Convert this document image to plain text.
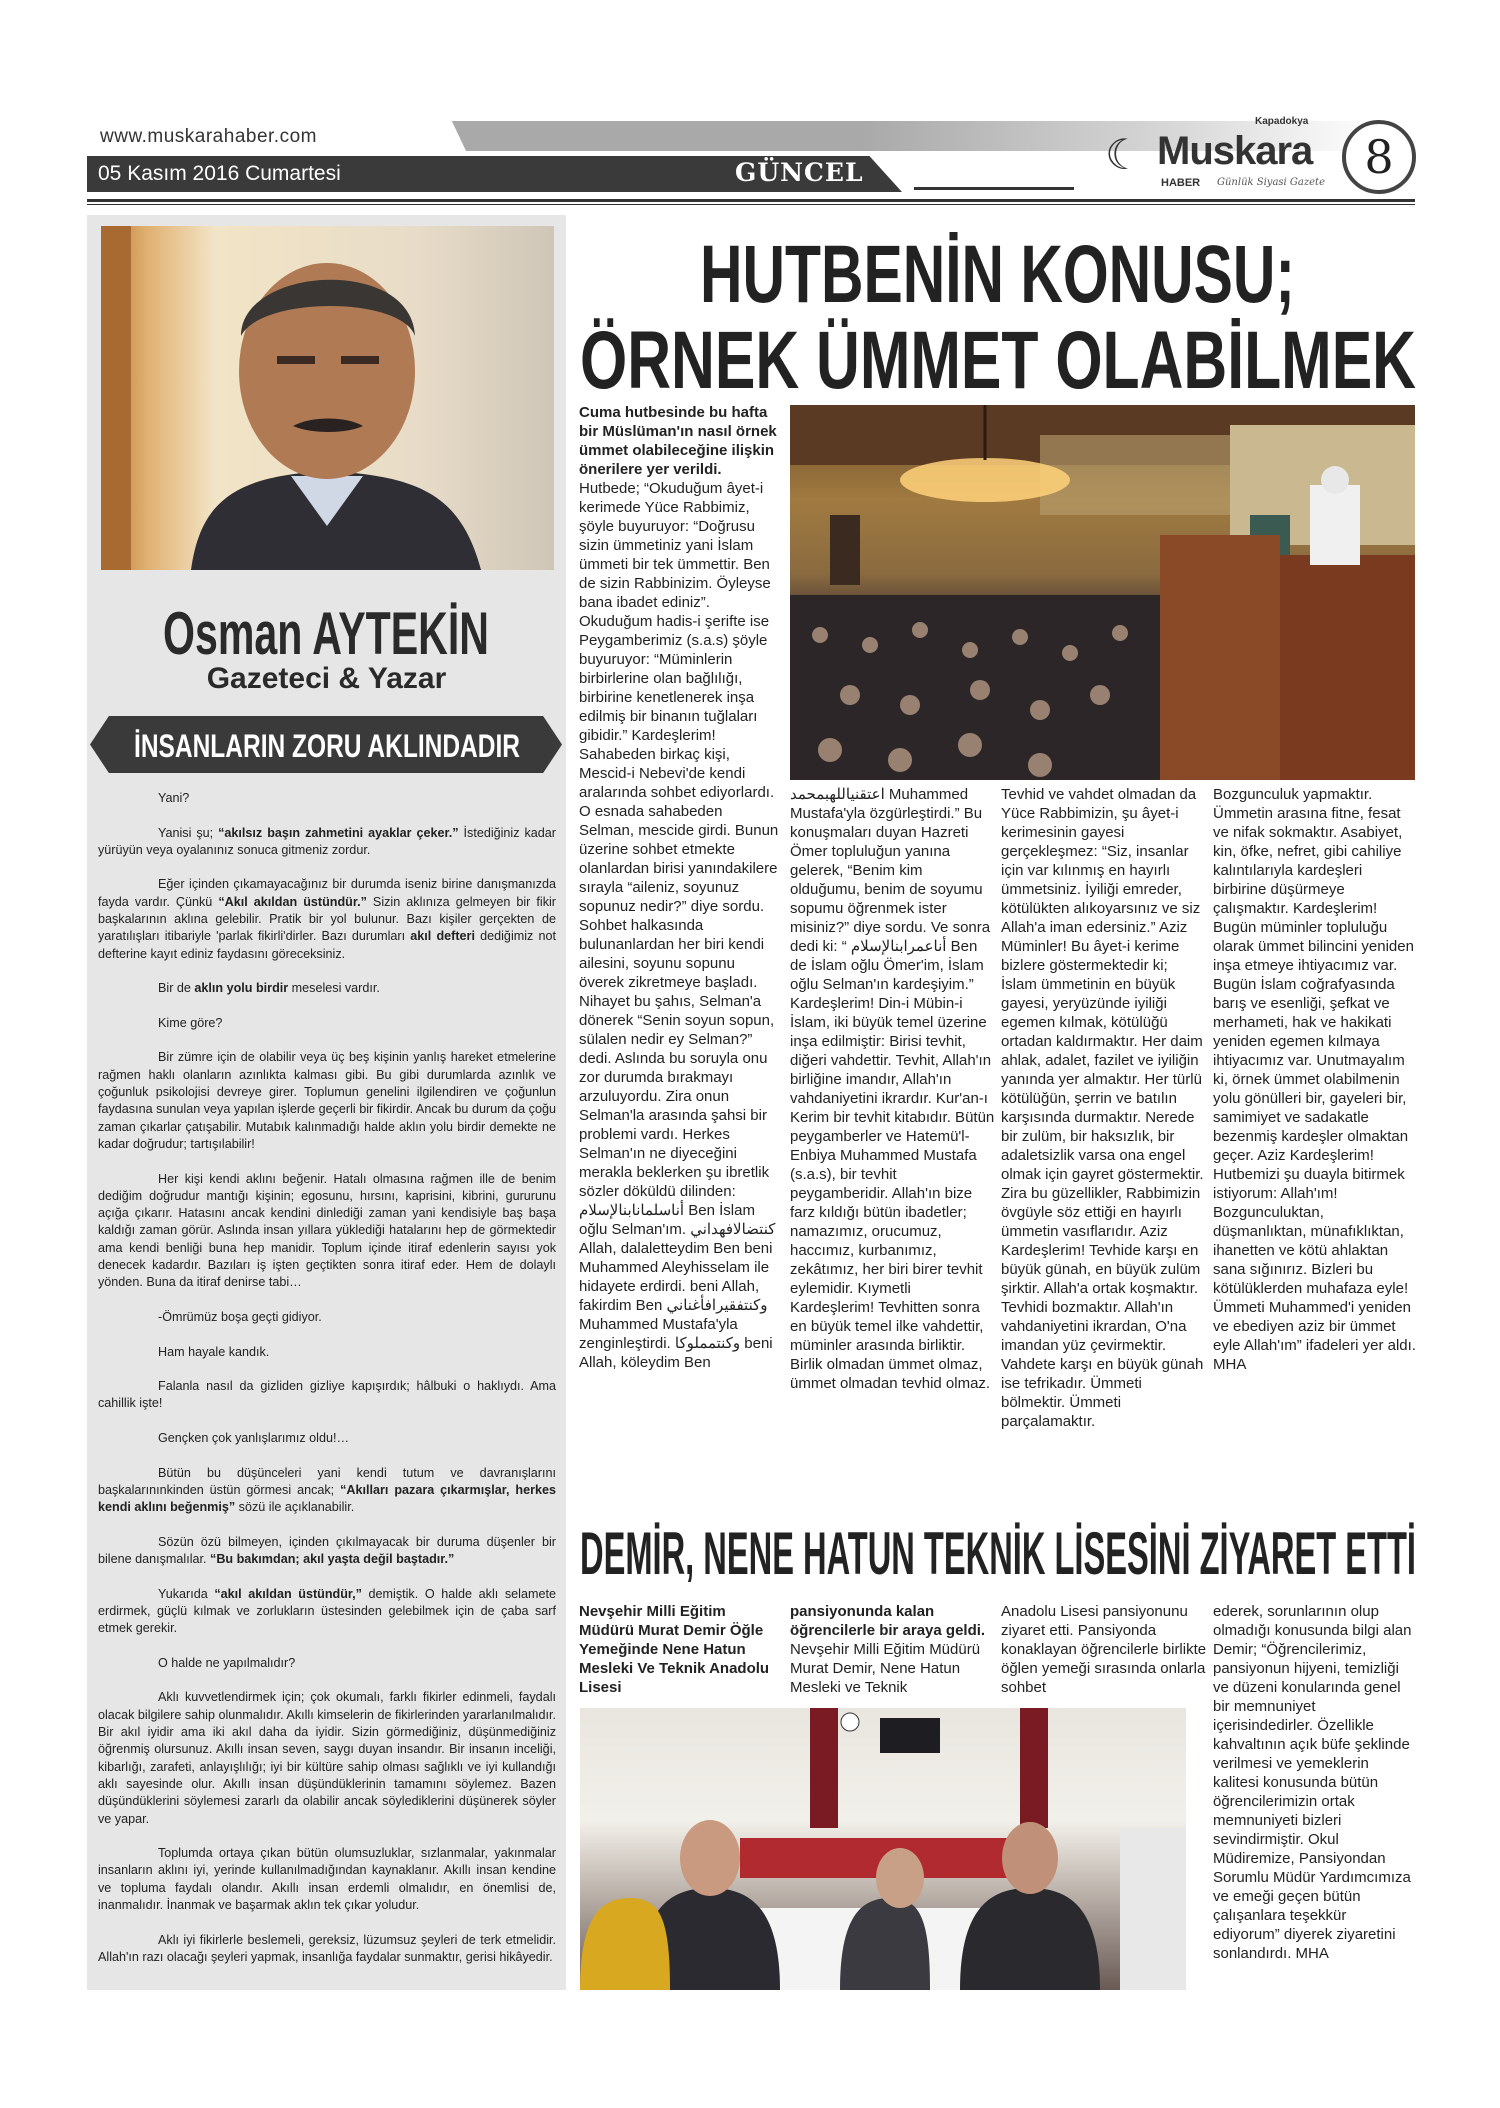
www.muskarahaber.com
05 Kasım 2016 Cumartesi	GÜNCEL	☾ Muskara
Kapadokya
HABER Günlük Siyasi Gazete 8
Osman AYTEKİN
Gazeteci & Yazar
İNSANLARIN ZORU AKLINDADIR

Yani?

Yanisi şu; “akılsız başın zahmetini ayaklar çeker.” İstediğiniz kadar yürüyün veya oyalanınız sonuca gitmeniz zordur.

Eğer içinden çıkamayacağınız bir durumda iseniz birine danışmanızda fayda vardır. Çünkü “Akıl akıldan üstündür.” Sizin aklınıza gelmeyen bir fikir başkalarının aklına gelebilir. Pratik bir yol bulunur. Bazı kişiler gerçekten de yaratılışları itibariyle 'parlak fikirli'dirler. Bazı durumları akıl defteri dediğimiz not defterine kayıt ediniz faydasını göreceksiniz.

Bir de aklın yolu birdir meselesi vardır.

Kime göre?

Bir zümre için de olabilir veya üç beş kişinin yanlış hareket etmelerine rağmen haklı olanların azınlıkta kalması gibi. Bu gibi durumlarda azınlık ve çoğunluk psikolojisi devreye girer. Toplumun genelini ilgilendiren ve çoğunlun faydasına sunulan veya yapılan işlerde geçerli bir fikirdir. Ancak bu durum da çoğu zaman çıkarlar çatışabilir. Mutabık kalınmadığı halde aklın yolu birdir demekte ne kadar doğrudur; tartışılabilir!

Her kişi kendi aklını beğenir. Hatalı olmasına rağmen ille de benim dediğim doğrudur mantığı kişinin; egosunu, hırsını, kaprisini, kibrini, gururunu açığa çıkarır. Hatasını ancak kendini dinlediği zaman yani kendisiyle baş başa kaldığı zaman görür. Aslında insan yıllara yüklediği hatalarını hep de görmektedir ama kendi benliği buna hep manidir. Toplum içinde itiraf edenlerin sayısı yok denecek kadardır. Bazıları iş işten geçtikten sonra itiraf eder. Hem de dolaylı yönden. Buna da itiraf denirse tabi…

-Ömrümüz boşa geçti gidiyor.

Ham hayale kandık.

Falanla nasıl da gizliden gizliye kapışırdık; hâlbuki o haklıydı. Ama cahillik işte!

Gençken çok yanlışlarımız oldu!…

Bütün bu düşünceleri yani kendi tutum ve davranışlarını başkalarınınkinden üstün görmesi ancak; “Akılları pazara çıkarmışlar, herkes kendi aklını beğenmiş” sözü ile açıklanabilir.

Sözün özü bilmeyen, içinden çıkılmayacak bir duruma düşenler bir bilene danışmalılar. “Bu bakımdan; akıl yaşta değil baştadır.”

Yukarıda “akıl akıldan üstündür,” demiştik. O halde aklı selamete erdirmek, güçlü kılmak ve zorlukların üstesinden gelebilmek için de çaba sarf etmek gerekir.

O halde ne yapılmalıdır?

Aklı kuvvetlendirmek için; çok okumalı, farklı fikirler edinmeli, faydalı olacak bilgilere sahip olunmalıdır. Akıllı kimselerin de fikirlerinden yararlanılmalıdır. Bir akıl iyidir ama iki akıl daha da iyidir. Sizin görmediğiniz, düşünmediğiniz öğrenmiş olursunuz. Akıllı insan seven, saygı duyan insandır. Bir insanın inceliği, kibarlığı, zarafeti, anlayışlılığı; iyi bir kültüre sahip olması sağlıklı ve iyi kullandığı aklı sayesinde olur. Akıllı insan düşündüklerinin tamamını söylemez. Bazen düşündüklerini söylemesi zararlı da olabilir ancak söylediklerini düşünerek söyler ve yapar.

Toplumda ortaya çıkan bütün olumsuzluklar, sızlanmalar, yakınmalar insanların aklını iyi, yerinde kullanılmadığından kaynaklanır. Akıllı insan kendine ve topluma faydalı olandır. Akıllı insan erdemli olmalıdır, en önemlisi de, inanmalıdır. İnanmak ve başarmak aklın tek çıkar yoludur.

Aklı iyi fikirlerle beslemeli, gereksiz, lüzumsuz şeyleri de terk etmelidir. Allah'ın razı olacağı şeyleri yapmak, insanlığa faydalar sunmaktır, gerisi hikâyedir.

HUTBENİN KONUSU;
ÖRNEK ÜMMET OLABİLMEK

Cuma hutbesinde bu hafta bir Müslüman'ın nasıl örnek ümmet olabileceğine ilişkin önerilere yer verildi. Hutbede; “Okuduğum âyet-i kerimede Yüce Rabbimiz, şöyle buyuruyor: “Doğrusu sizin ümmetiniz yani İslam ümmeti bir tek ümmettir. Ben de sizin Rabbinizim. Öyleyse bana ibadet ediniz”. Okuduğum hadis-i şerifte ise Peygamberimiz (s.a.s) şöyle buyuruyor: “Müminlerin birbirlerine olan bağlılığı, birbirine kenetlenerek inşa edilmiş bir binanın tuğlaları gibidir.” Kardeşlerim! Sahabeden birkaç kişi, Mescid-i Nebevi'de kendi aralarında sohbet ediyorlardı. O esnada sahabeden Selman, mescide girdi. Bunun üzerine sohbet etmekte olanlardan birisi yanındakilere sırayla “aileniz, soyunuz sopunuz nedir?” diye sordu. Sohbet halkasında bulunanlardan her biri kendi ailesini, soyunu sopunu överek zikretmeye başladı. Nihayet bu şahıs, Selman'a dönerek “Senin soyun sopun, sülalen nedir ey Selman?” dedi. Aslında bu soruyla onu zor durumda bırakmayı arzuluyordu. Zira onun Selman'la arasında şahsi bir problemi vardı. Herkes Selman'ın ne diyeceğini merakla beklerken şu ibretlik sözler döküldü dilinden: أناسلمانابنالإسلام Ben İslam oğlu Selman'ım. كنتضالافهداني Allah, dalaletteydim Ben beni Muhammed Aleyhisselam ile hidayete erdirdi. beni Allah, fakirdim Ben وكنتفقيرافأغناني Muhammed Mustafa'yla zenginleştirdi. وكنتمملوكا beni Allah, köleydim Ben

اعتقنياللهبمحمد Muhammed Mustafa'yla özgürleştirdi.” Bu konuşmaları duyan Hazreti Ömer topluluğun yanına gelerek, “Benim kim olduğumu, benim de soyumu sopumu öğrenmek ister misiniz?” diye sordu. Ve sonra dedi ki: “ أناعمرابنالإسلام Ben de İslam oğlu Ömer'im, İslam oğlu Selman'ın kardeşiyim.” Kardeşlerim! Din-i Mübin-i İslam, iki büyük temel üzerine inşa edilmiştir: Birisi tevhit, diğeri vahdettir. Tevhit, Allah'ın birliğine imandır, Allah'ın vahdaniyetini ikrardır. Kur'an-ı Kerim bir tevhit kitabıdır. Bütün peygamberler ve Hatemü'l-Enbiya Muhammed Mustafa (s.a.s), bir tevhit peygamberidir. Allah'ın bize farz kıldığı bütün ibadetler; namazımız, orucumuz, haccımız, kurbanımız, zekâtımız, her biri birer tevhit eylemidir. Kıymetli Kardeşlerim! Tevhitten sonra en büyük temel ilke vahdettir, müminler arasında birliktir. Birlik olmadan ümmet olmaz, ümmet olmadan tevhid olmaz.

Tevhid ve vahdet olmadan da Yüce Rabbimizin, şu âyet-i kerimesinin gayesi gerçekleşmez: “Siz, insanlar için var kılınmış en hayırlı ümmetsiniz. İyiliği emreder, kötülükten alıkoyarsınız ve siz Allah'a iman edersiniz.” Aziz Müminler! Bu âyet-i kerime bizlere göstermektedir ki; İslam ümmetinin en büyük gayesi, yeryüzünde iyiliği egemen kılmak, kötülüğü ortadan kaldırmaktır. Her daim ahlak, adalet, fazilet ve iyiliğin yanında yer almaktır. Her türlü kötülüğün, şerrin ve batılın karşısında durmaktır. Nerede bir zulüm, bir haksızlık, bir adaletsizlik varsa ona engel olmak için gayret göstermektir. Zira bu güzellikler, Rabbimizin övgüyle söz ettiği en hayırlı ümmetin vasıflarıdır. Aziz Kardeşlerim! Tevhide karşı en büyük günah, en büyük zulüm şirktir. Allah'a ortak koşmaktır. Tevhidi bozmaktır. Allah'ın vahdaniyetini ikrardan, O'na imandan yüz çevirmektir. Vahdete karşı en büyük günah ise tefrikadır. Ümmeti bölmektir. Ümmeti parçalamaktır.

Bozgunculuk yapmaktır. Ümmetin arasına fitne, fesat ve nifak sokmaktır. Asabiyet, kin, öfke, nefret, gibi cahiliye kalıntılarıyla kardeşleri birbirine düşürmeye çalışmaktır. Kardeşlerim! Bugün müminler topluluğu olarak ümmet bilincini yeniden inşa etmeye ihtiyacımız var. Bugün İslam coğrafyasında barış ve esenliği, şefkat ve merhameti, hak ve hakikati yeniden egemen kılmaya ihtiyacımız var. Unutmayalım ki, örnek ümmet olabilmenin yolu gönülleri bir, gayeleri bir, samimiyet ve sadakatle bezenmiş kardeşler olmaktan geçer. Aziz Kardeşlerim! Hutbemizi şu duayla bitirmek istiyorum: Allah'ım! Bozgunculuktan, düşmanlıktan, münafıklıktan, ihanetten ve kötü ahlaktan sana sığınırız. Bizleri bu kötülüklerden muhafaza eyle! Ümmeti Muhammed'i yeniden ve ebediyen aziz bir ümmet eyle Allah'ım” ifadeleri yer aldı. MHA

DEMİR, NENE HATUN TEKNİK LİSESİNİ ZİYARET ETTİ

Nevşehir Milli Eğitim Müdürü Murat Demir Öğle Yemeğinde Nene Hatun Mesleki Ve Teknik Anadolu Lisesi

pansiyonunda kalan öğrencilerle bir araya geldi. Nevşehir Milli Eğitim Müdürü Murat Demir, Nene Hatun Mesleki ve Teknik

Anadolu Lisesi pansiyonunu ziyaret etti. Pansiyonda konaklayan öğrencilerle birlikte öğlen yemeği sırasında onlarla sohbet

ederek, sorunlarının olup olmadığı konusunda bilgi alan Demir; “Öğrencilerimiz, pansiyonun hijyeni, temizliği ve düzeni konularında genel bir memnuniyet içerisindedirler. Özellikle kahvaltının açık büfe şeklinde verilmesi ve yemeklerin kalitesi konusunda bütün öğrencilerimizin ortak memnuniyeti bizleri sevindirmiştir. Okul Müdiremize, Pansiyondan Sorumlu Müdür Yardımcımıza ve emeği geçen bütün çalışanlara teşekkür ediyorum” diyerek ziyaretini sonlandırdı. MHA
